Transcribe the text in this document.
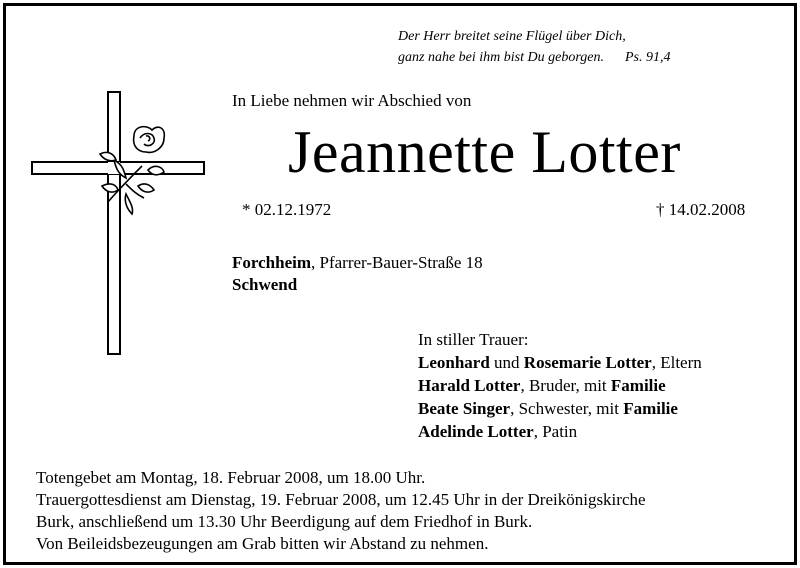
Der Herr breitet seine Flügel über Dich,
ganz nahe bei ihm bist Du geborgen. Ps. 91,4
In Liebe nehmen wir Abschied von
Jeannette Lotter
* 02.12.1972	† 14.02.2008
Forchheim, Pfarrer-Bauer-Straße 18
Schwend
In stiller Trauer:
Leonhard und Rosemarie Lotter, Eltern
Harald Lotter, Bruder, mit Familie
Beate Singer, Schwester, mit Familie
Adelinde Lotter, Patin
Totengebet am Montag, 18. Februar 2008, um 18.00 Uhr.
Trauergottesdienst am Dienstag, 19. Februar 2008, um 12.45 Uhr in der Dreikönigskirche
Burk, anschließend um 13.30 Uhr Beerdigung auf dem Friedhof in Burk.
Von Beileidsbezeugungen am Grab bitten wir Abstand zu nehmen.
